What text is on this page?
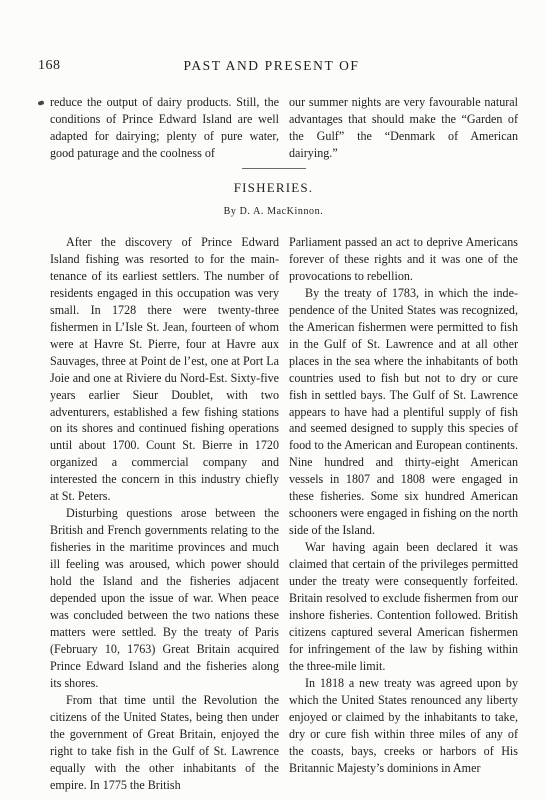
168	PAST AND PRESENT OF

reduce the output of dairy products. Still, the conditions of Prince Edward Island are well adapted for dairying; plenty of pure water, good paturage and the coolness of

our summer nights are very favourable natural advantages that should make the “Garden of the Gulf” the “Denmark of American dairying.”

FISHERIES.
By D. A. MacKinnon.

After the discovery of Prince Edward Island fishing was resorted to for the maintenance of its earliest settlers. The number of residents engaged in this occupation was very small. In 1728 there were twenty-three fishermen in L’Isle St. Jean, fourteen of whom were at Havre St. Pierre, four at Havre aux Sauvages, three at Point de l’est, one at Port La Joie and one at Riviere du Nord-Est. Sixty-five years earlier Sieur Doublet, with two adventurers, established a few fishing stations on its shores and continued fishing operations until about 1700. Count St. Bierre in 1720 organized a commercial company and interested the concern in this industry chiefly at St. Peters.

Disturbing questions arose between the British and French governments relating to the fisheries in the maritime provinces and much ill feeling was aroused, which power should hold the Island and the fisheries adjacent depended upon the issue of war. When peace was concluded between the two nations these matters were settled. By the treaty of Paris (February 10, 1763) Great Britain acquired Prince Edward Island and the fisheries along its shores.

From that time until the Revolution the citizens of the United States, being then under the government of Great Britain, enjoyed the right to take fish in the Gulf of St. Lawrence equally with the other inhabitants of the empire. In 1775 the British

Parliament passed an act to deprive Americans forever of these rights and it was one of the provocations to rebellion.

By the treaty of 1783, in which the independence of the United States was recognized, the American fishermen were permitted to fish in the Gulf of St. Lawrence and at all other places in the sea where the inhabitants of both countries used to fish but not to dry or cure fish in settled bays. The Gulf of St. Lawrence appears to have had a plentiful supply of fish and seemed designed to supply this species of food to the American and European continents. Nine hundred and thirty-eight American vessels in 1807 and 1808 were engaged in these fisheries. Some six hundred American schooners were engaged in fishing on the north side of the Island.

War having again been declared it was claimed that certain of the privileges permitted under the treaty were consequently forfeited. Britain resolved to exclude fishermen from our inshore fisheries. Contention followed. British citizens captured several American fishermen for infringement of the law by fishing within the three-mile limit.

In 1818 a new treaty was agreed upon by which the United States renounced any liberty enjoyed or claimed by the inhabitants to take, dry or cure fish within three miles of any of the coasts, bays, creeks or harbors of His Britannic Majesty’s dominions in Amer
